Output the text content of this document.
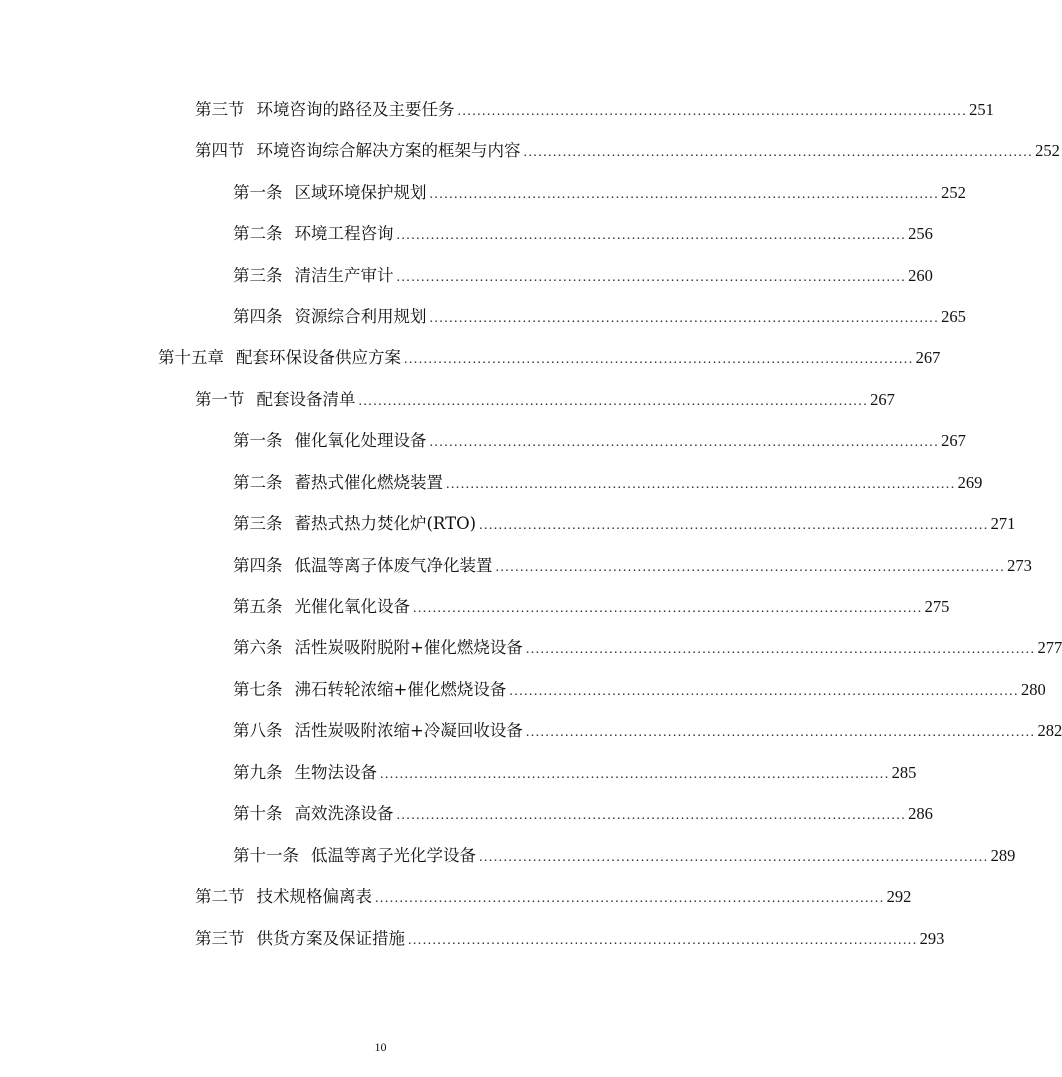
第三节 环境咨询的路径及主要任务 ........................................................................................................ 251
第四节 环境咨询综合解决方案的框架与内容 ........................................................................................................ 252
第一条 区域环境保护规划 ........................................................................................................ 252
第二条 环境工程咨询 ........................................................................................................ 256
第三条 清洁生产审计 ........................................................................................................ 260
第四条 资源综合利用规划 ........................................................................................................ 265
第十五章 配套环保设备供应方案 ........................................................................................................ 267
第一节 配套设备清单 ........................................................................................................ 267
第一条 催化氧化处理设备 ........................................................................................................ 267
第二条 蓄热式催化燃烧装置 ........................................................................................................ 269
第三条 蓄热式热力焚化炉(RTO) ........................................................................................................ 271
第四条 低温等离子体废气净化装置 ........................................................................................................ 273
第五条 光催化氧化设备 ........................................................................................................ 275
第六条 活性炭吸附脱附+催化燃烧设备 ........................................................................................................ 277
第七条 沸石转轮浓缩+催化燃烧设备 ........................................................................................................ 280
第八条 活性炭吸附浓缩+冷凝回收设备 ........................................................................................................ 282
第九条 生物法设备 ........................................................................................................ 285
第十条 高效洗涤设备 ........................................................................................................ 286
第十一条 低温等离子光化学设备 ........................................................................................................ 289
第二节 技术规格偏离表 ........................................................................................................ 292
第三节 供货方案及保证措施 ........................................................................................................ 293
10
